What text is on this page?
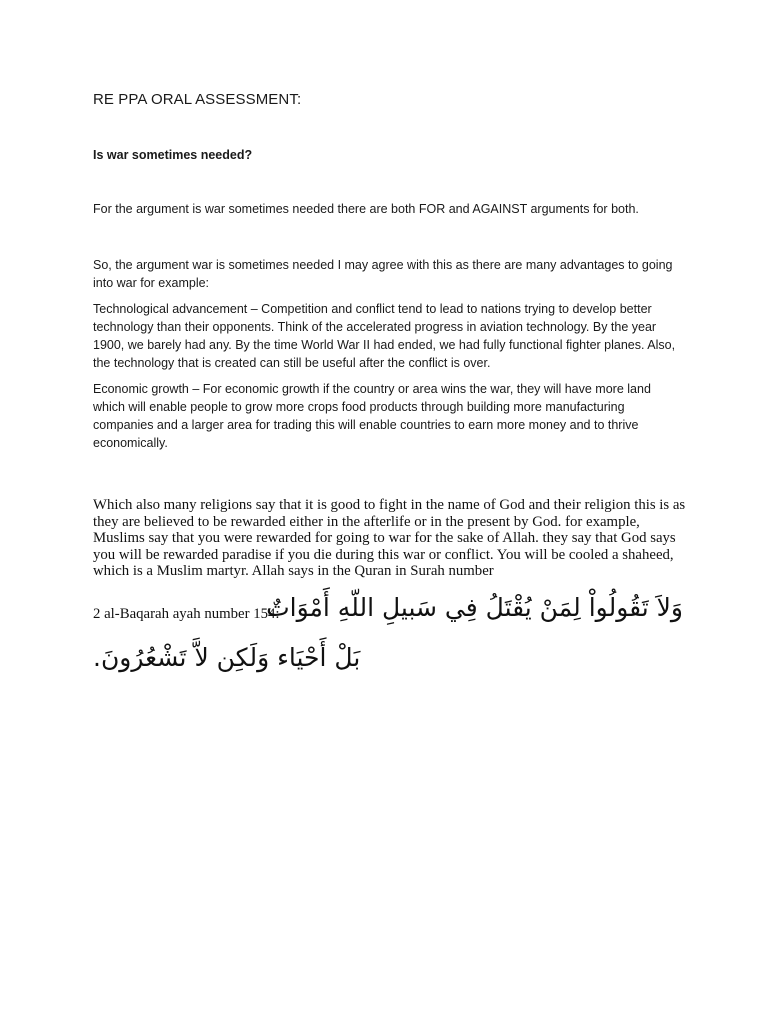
RE PPA ORAL ASSESSMENT:

Is war sometimes needed?

For the argument is war sometimes needed there are both FOR and AGAINST arguments for both.

So, the argument war is sometimes needed I may agree with this as there are many advantages to going into war for example:

Technological advancement – Competition and conflict tend to lead to nations trying to develop better technology than their opponents. Think of the accelerated progress in aviation technology. By the year 1900, we barely had any. By the time World War II had ended, we had fully functional fighter planes. Also, the technology that is created can still be useful after the conflict is over.

Economic growth – For economic growth if the country or area wins the war, they will have more land which will enable people to grow more crops food products through building more manufacturing companies and a larger area for trading this will enable countries to earn more money and to thrive economically.

Which also many religions say that it is good to fight in the name of God and their religion this is as they are believed to be rewarded either in the afterlife or in the present by God. for example, Muslims say that you were rewarded for going to war for the sake of Allah. they say that God says you will be rewarded paradise if you die during this war or conflict. You will be cooled a shaheed, which is a Muslim martyr. Allah says in the Quran in Surah number

2 al-Baqarah ayah number 154:
وَلاَ تَقُولُواْ لِمَنْ يُقْتَلُ فِي سَبيلِ اللّهِ أَمْوَاتٌ
بَلْ أَحْيَاء وَلَكِن لاَّ تَشْعُرُونَ.
